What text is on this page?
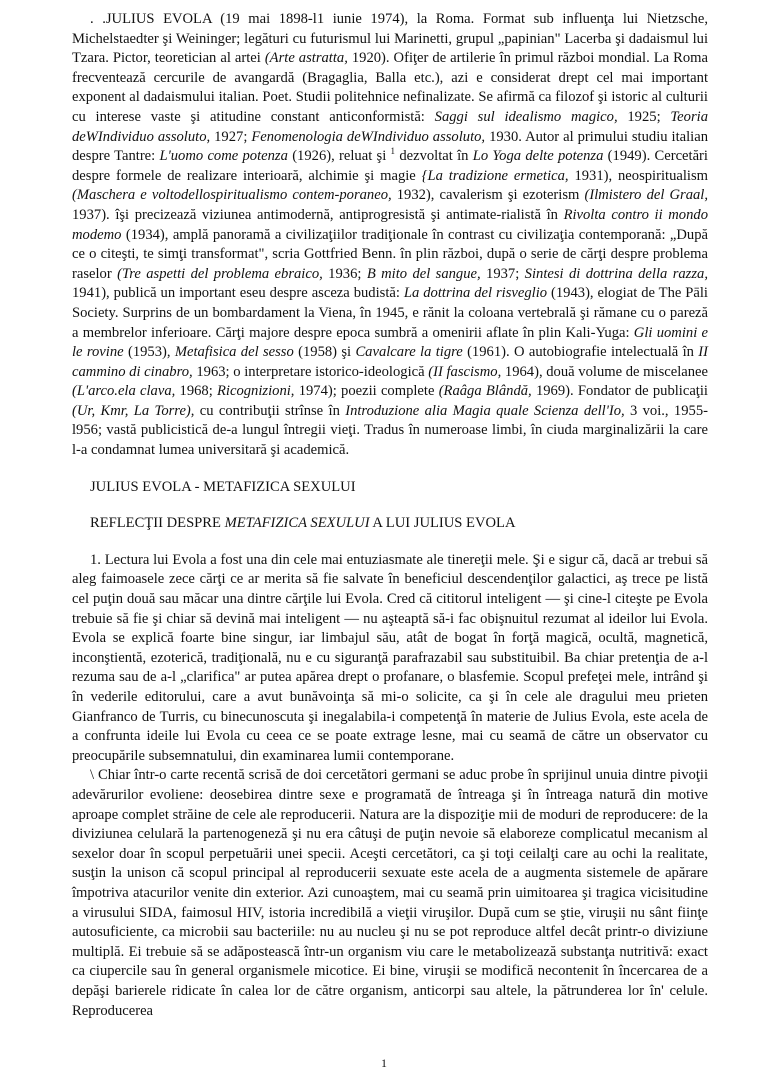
. .JULIUS EVOLA (19 mai 1898-l1 iunie 1974), la Roma. Format sub influenţa lui Nietzsche, Michelstaedter şi Weininger; legături cu futurismul lui Marinetti, grupul „papinian" Lacerba şi dadaismul lui Tzara. Pictor, teoretician al artei (Arte astratta, 1920). Ofiţer de artilerie în primul război mondial. La Roma frecventează cercurile de avangardă (Bragaglia, Balla etc.), azi e considerat drept cel mai important exponent al dadaismului italian. Poet. Studii politehnice nefinalizate. Se afirmă ca filozof şi istoric al culturii cu interese vaste şi atitudine constant anticonformistă: Saggi sul idealismo magico, 1925; Teoria deWIndividuo assoluto, 1927; Fenomenologia deWIndividuo assoluto, 1930. Autor al primului studiu italian despre Tantre: L'uomo come potenza (1926), reluat şi $^1$ dezvoltat în Lo Yoga delte potenza (1949). Cercetări despre formele de realizare interioară, alchimie şi magie {La tradizione ermetica, 1931), neospiritualism (Maschera e voltodellospiritualismo contem-poraneo, 1932), cavalerism şi ezoterism (Ilmistero del Graal, 1937). îşi precizează viziunea antimodernă, antiprogresistă şi antimate-rialistă în Rivolta contro ii mondo modemo (1934), amplă panoramă a civilizaţiilor tradiţionale în contrast cu civilizaţia contemporană: „După ce o citeşti, te simţi transformat", scria Gottfried Benn. în plin război, după o serie de cărţi despre problema raselor (Tre aspetti del problema ebraico, 1936; B mito del sangue, 1937; Sintesi di dottrina della razza, 1941), publică un important eseu despre asceza budistă: La dottrina del risveglio (1943), elogiat de The Pāli Society. Surprins de un bombardament la Viena, în 1945, e rănit la coloana vertebrală şi rămane cu o pareză a membrelor inferioare. Cărţi majore despre epoca sumbră a omenirii aflate în plin Kali-Yuga: Gli uomini e le rovine (1953), Metafisica del sesso (1958) şi Cavalcare la tigre (1961). O autobiografie intelectuală în II cammino di cinabro, 1963; o interpretare istorico-ideologică (II fascismo, 1964), două volume de miscelanee (L'arco.ela clava, 1968; Ricognizioni, 1974); poezii complete (Raâga Blândă, 1969). Fondator de publicaţii (Ur, Kmr, La Torre), cu contribuţii strînse în Introduzione alia Magia quale Scienza dell'Io, 3 voi., 1955-l956; vastă publicistică de-a lungul întregii vieţi. Tradus în numeroase limbi, în ciuda marginalizării la care l-a condamnat lumea universitară şi academică.

JULIUS EVOLA - METAFIZICA SEXULUI

REFLECŢII DESPRE METAFIZICA SEXULUI A LUI JULIUS EVOLA

1. Lectura lui Evola a fost una din cele mai entuziasmate ale tinereţii mele. Şi e sigur că, dacă ar trebui să aleg faimoasele zece cărţi ce ar merita să fie salvate în beneficiul descendenţilor galactici, aş trece pe listă cel puţin două sau măcar una dintre cărţile lui Evola. Cred că cititorul inteligent — şi cine-l citeşte pe Evola trebuie să fie şi chiar să devină mai inteligent — nu aşteaptă să-i fac obişnuitul rezumat al ideilor lui Evola. Evola se explică foarte bine singur, iar limbajul său, atât de bogat în forţă magică, ocultă, magnetică, inconştientă, ezoterică, tradiţională, nu e cu siguranţă parafrazabil sau substituibil. Ba chiar pretenţia de a-l rezuma sau de a-l „clarifica" ar putea apărea drept o profanare, o blasfemie. Scopul prefeţei mele, intrând şi în vederile editorului, care a avut bunăvoinţa să mi-o solicite, ca şi în cele ale dragului meu prieten Gianfranco de Turris, cu binecunoscuta şi inegalabila-i competenţă în materie de Julius Evola, este acela de a confrunta ideile lui Evola cu ceea ce se poate extrage lesne, mai cu seamă de către un observator cu preocupările subsemnatului, din examinarea lumii contemporane.

\ Chiar într-o carte recentă scrisă de doi cercetători germani se aduc probe în sprijinul unuia dintre pivoţii adevărurilor evoliene: deosebirea dintre sexe e programată de întreaga şi în întreaga natură din motive aproape complet străine de cele ale reproducerii. Natura are la dispoziţie mii de moduri de reproducere: de la diviziunea celulară la partenogeneză şi nu era câtuşi de puţin nevoie să elaboreze complicatul mecanism al sexelor doar în scopul perpetuării unei specii. Aceşti cercetători, ca şi toţi ceilalţi care au ochi la realitate, susţin la unison că scopul principal al reproducerii sexuate este acela de a augmenta sistemele de apărare împotriva atacurilor venite din exterior. Azi cunoaştem, mai cu seamă prin uimitoarea şi tragica vicisitudine a virusului SIDA, faimosul HIV, istoria incredibilă a vieţii viruşilor. După cum se ştie, viruşii nu sânt fiinţe autosuficiente, ca microbii sau bacteriile: nu au nucleu şi nu se pot reproduce altfel decât printr-o diviziune multiplă. Ei trebuie să se adăpostească într-un organism viu care le metabolizează substanţa nutritivă: exact ca ciupercile sau în general organismele micotice. Ei bine, viruşii se modifică necontenit în încercarea de a depăşi barierele ridicate în calea lor de către organism, anticorpi sau altele, la pătrunderea lor în' celule. Reproducerea

1
